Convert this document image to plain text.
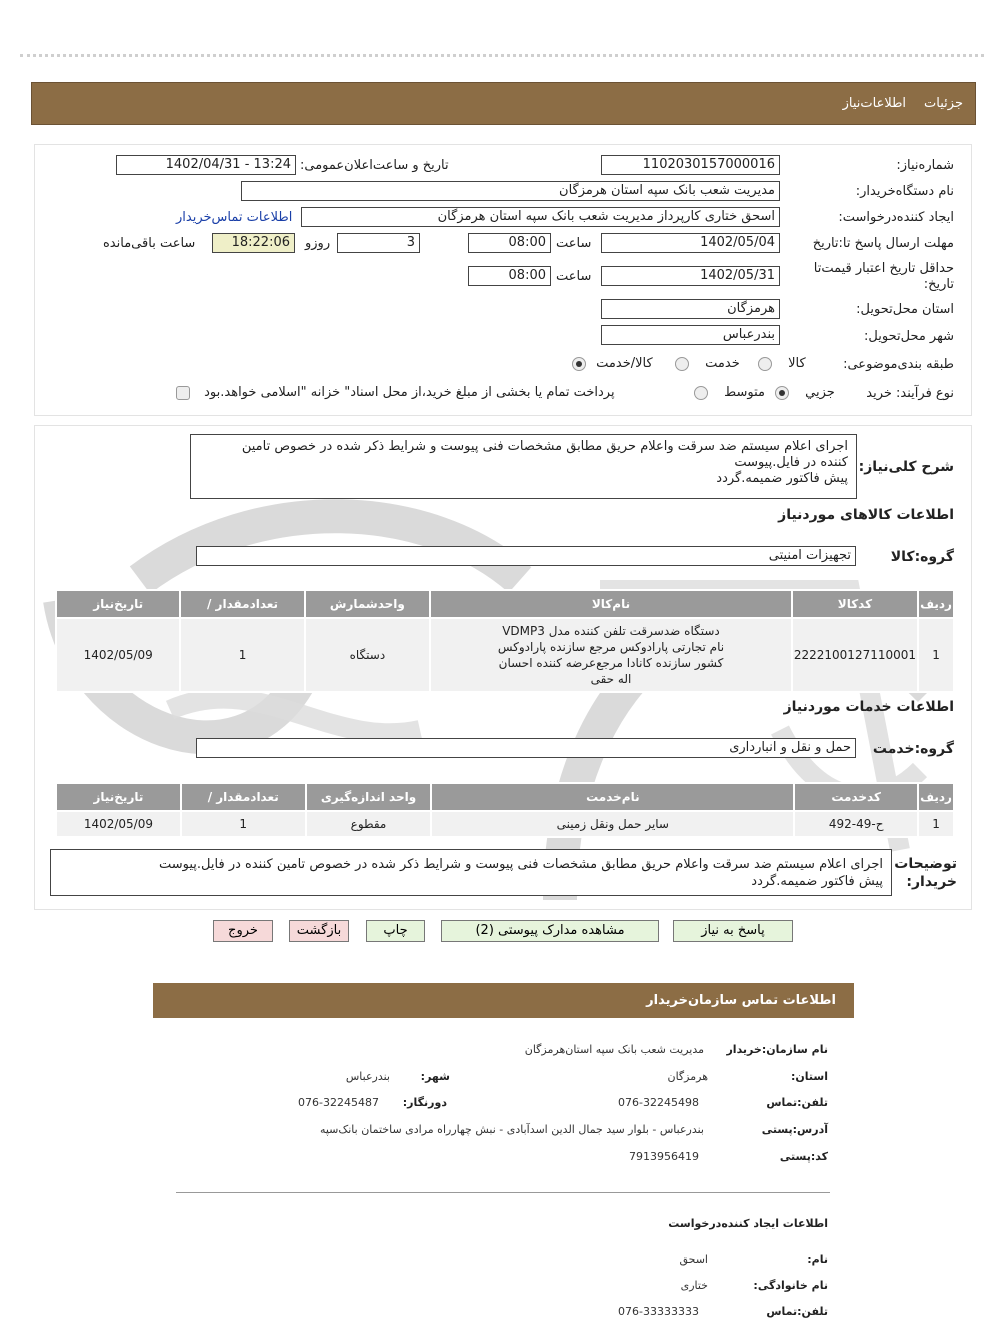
جزئیات
اطلاعات‌نیاز
شماره‌نیاز:
1102030157000016
تاریخ و ساعت‌اعلان‌عمومی:
1402/04/31 - 13:24
نام دستگاه‌خریدار:
مدیریت شعب بانک سپه استان هرمزگان
ایجاد کننده‌درخواست:
اسحق ختاری کارپرداز مدیریت شعب بانک سپه استان هرمزگان
اطلاعات تماس‌خریدار
مهلت ارسال پاسخ تا:تاریخ
1402/05/04
ساعت
08:00
3
روزو
18:22:06
ساعت باقی‌مانده
حداقل تاریخ اعتبار قیمت‌تا
تاریخ:
1402/05/31
ساعت
08:00
استان محل‌تحویل:
هرمزگان
شهر محل‌تحویل:
بندرعباس
طبقه بندی‌موضوعی:
کالا
خدمت
کالا/خدمت
نوع فرآیند: خرید
جزیي
متوسط
پرداخت تمام یا بخشی از مبلغ خرید،از محل اسناد" خزانه "اسلامی خواهد.بود
شرح کلی‌نیاز:
اجرای اعلام سیستم ضد سرقت واعلام حریق مطابق مشخصات فنی پیوست و شرایط ذکر شده در خصوص تامین
کننده در فایل.پیوست
پیش فاکتور ضمیمه.گردد
اطلاعات کالاهای موردنیاز
گروه:کالا
تجهیزات امنیتی
ردیف	کدکالا	نام‌کالا	واحدشمارش	تعدادمقدار /	تاریخ‌نیاز
1	2222100127110001	دستگاه ضدسرقت تلفن کننده مدل VDMP3 نام تجارتی پارادوکس مرجع سازنده پارادوکس کشور سازنده کانادا مرجع‌عرضه کننده احسان اله حقی	دستگاه	1	1402/05/09
اطلاعات خدمات موردنیاز
گروه:خدمت
حمل و نقل و انبارداری
ردیف	کدخدمت	نام‌خدمت	واحد اندازه‌گیری	تعدادمقدار /	تاریخ‌نیاز
1	ح-49-492	سایر حمل ونقل زمینی	مقطوع	1	1402/05/09
توضیحات
خریدار:
اجرای اعلام سیستم ضد سرقت واعلام حریق مطابق مشخصات فنی پیوست و شرایط ذکر شده در خصوص تامین کننده در فایل.پیوست
پیش فاکتور ضمیمه.گردد
پاسخ به نیاز
مشاهده مدارک پیوستی (2)
چاپ
بازگشت
خروج
اطلاعات تماس سازمان‌خریدار
نام سازمان:خریدار
مدیریت شعب بانک سپه استان‌هرمزگان
استان:
هرمزگان
شهر:
بندرعباس
تلفن:تماس
076-32245498
دورنگار:
076-32245487
آدرس:پستی
بندرعباس - بلوار سید جمال الدین اسدآبادی - نبش چهارراه مرادی ساختمان بانک‌سپه
کد:پستی
7913956419
اطلاعات ایجاد کننده‌درخواست
نام:
اسحق
نام خانوادگی:
ختاری
تلفن:تماس
076-33333333
